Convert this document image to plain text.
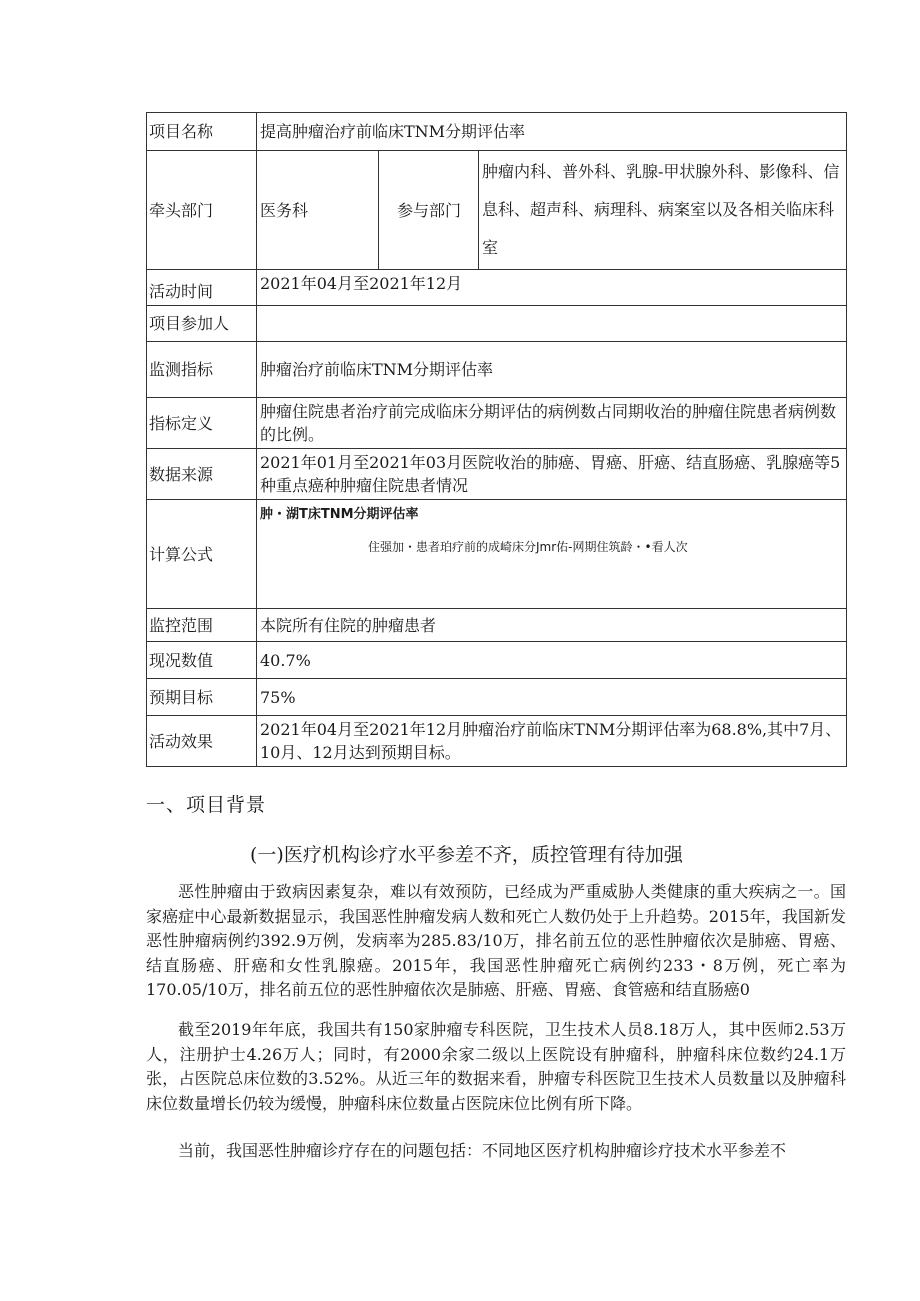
项目名称	提高肿瘤治疗前临床TNM分期评估率		
牵头部门	医务科	参与部门	肿瘤内科、普外科、乳腺-甲状腺外科、影像科、信息科、超声科、病理科、病案室以及各相关临床科室
活动时间	2021年04月至2021年12月		
项目参加人			
监测指标	肿瘤治疗前临床TNM分期评估率		
指标定义	肿瘤住院患者治疗前完成临床分期评估的病例数占同期收治的肿瘤住院患者病例数的比例。		
数据来源	2021年01月至2021年03月医院收治的肺癌、胃癌、肝癌、结直肠癌、乳腺癌等5种重点癌种肿瘤住院患者情况		
计算公式	肿・湖T床TNM分期评估率
住强加・患者珀疗前的成崎床分Jmr佑-网期住筑龄・•看人次		

监控范围	本院所有住院的肿瘤患者		
现况数值	40.7%		
预期目标	75%		
活动效果	2021年04月至2021年12月肿瘤治疗前临床TNM分期评估率为68.8%,其中7月、10月、12月达到预期目标。		
一、项目背景
(一)医疗机构诊疗水平参差不齐，质控管理有待加强

恶性肿瘤由于致病因素复杂，难以有效预防，已经成为严重威胁人类健康的重大疾病之一。国家癌症中心最新数据显示，我国恶性肿瘤发病人数和死亡人数仍处于上升趋势。2015年，我国新发恶性肿瘤病例约392.9万例，发病率为285.83/10万，排名前五位的恶性肿瘤依次是肺癌、胃癌、结直肠癌、肝癌和女性乳腺癌。2015年，我国恶性肿瘤死亡病例约233・8万例，死亡率为170.05/10万，排名前五位的恶性肿瘤依次是肺癌、肝癌、胃癌、食管癌和结直肠癌0

截至2019年年底，我国共有150家肿瘤专科医院，卫生技术人员8.18万人，其中医师2.53万人，注册护士4.26万人；同时，有2000余家二级以上医院设有肿瘤科，肿瘤科床位数约24.1万张，占医院总床位数的3.52%。从近三年的数据来看，肿瘤专科医院卫生技术人员数量以及肿瘤科床位数量增长仍较为缓慢，肿瘤科床位数量占医院床位比例有所下降。

当前，我国恶性肿瘤诊疗存在的问题包括：不同地区医疗机构肿瘤诊疗技术水平参差不
